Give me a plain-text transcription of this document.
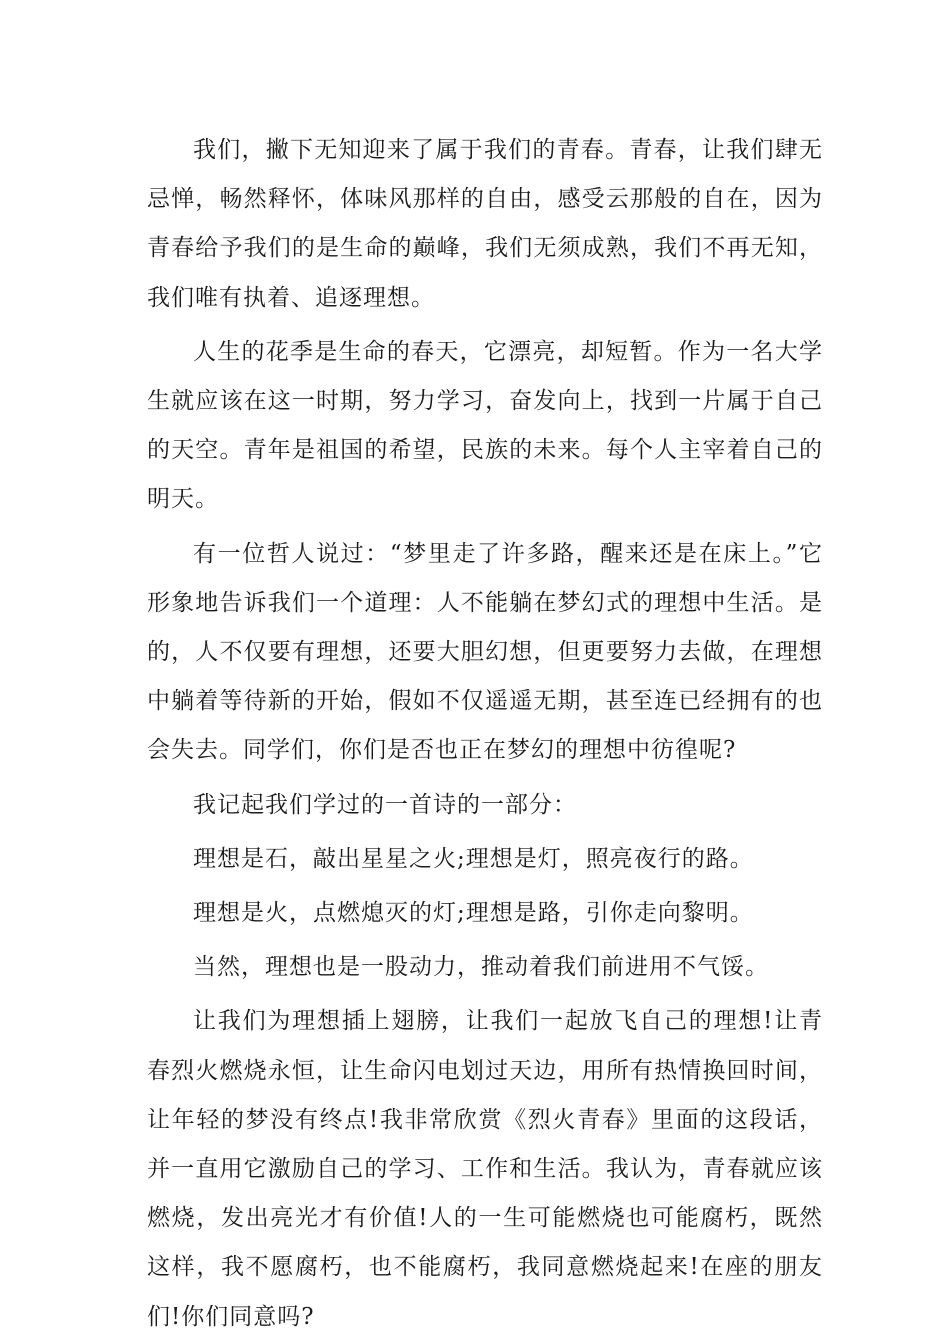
我们，撇下无知迎来了属于我们的青春。青春，让我们肆无忌惮，畅然释怀，体味风那样的自由，感受云那般的自在，因为青春给予我们的是生命的巅峰，我们无须成熟，我们不再无知，我们唯有执着、追逐理想。

人生的花季是生命的春天，它漂亮，却短暂。作为一名大学生就应该在这一时期，努力学习，奋发向上，找到一片属于自己的天空。青年是祖国的希望，民族的未来。每个人主宰着自己的明天。

有一位哲人说过：“梦里走了许多路，醒来还是在床上。”它形象地告诉我们一个道理：人不能躺在梦幻式的理想中生活。是的，人不仅要有理想，还要大胆幻想，但更要努力去做，在理想中躺着等待新的开始，假如不仅遥遥无期，甚至连已经拥有的也会失去。同学们，你们是否也正在梦幻的理想中彷徨呢?

我记起我们学过的一首诗的一部分：

理想是石，敲出星星之火;理想是灯，照亮夜行的路。

理想是火，点燃熄灭的灯;理想是路，引你走向黎明。

当然，理想也是一股动力，推动着我们前进用不气馁。

让我们为理想插上翅膀，让我们一起放飞自己的理想!让青春烈火燃烧永恒，让生命闪电划过天边，用所有热情换回时间，让年轻的梦没有终点!我非常欣赏《烈火青春》里面的这段话，并一直用它激励自己的学习、工作和生活。我认为，青春就应该燃烧，发出亮光才有价值!人的一生可能燃烧也可能腐朽，既然这样，我不愿腐朽，也不能腐朽，我同意燃烧起来!在座的朋友们!你们同意吗?
